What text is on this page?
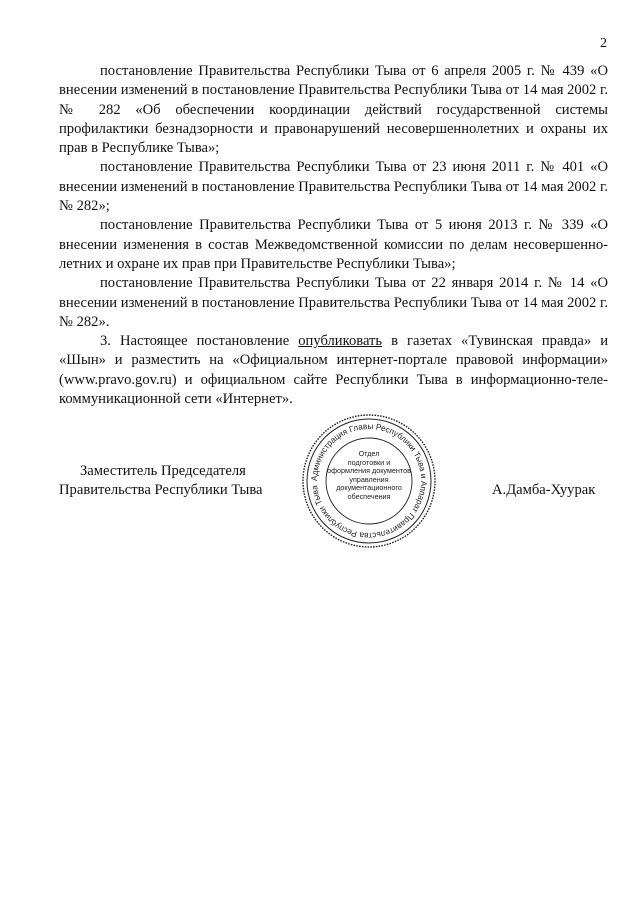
2

постановление Правительства Республики Тыва от 6 апреля 2005 г. № 439 «О внесении изменений в постановление Правительства Республики Тыва от 14 мая 2002 г. № 282 «Об обеспечении координации действий государственной системы профилактики безнадзорности и правонарушений несовершеннолетних и охраны их прав в Республике Тыва»;

постановление Правительства Республики Тыва от 23 июня 2011 г. № 401 «О внесении изменений в постановление Правительства Республики Тыва от 14 мая 2002 г. № 282»;

постановление Правительства Республики Тыва от 5 июня 2013 г. № 339 «О внесении изменения в состав Межведомственной комиссии по делам несовершеннолетних и охране их прав при Правительстве Республики Тыва»;

постановление Правительства Республики Тыва от 22 января 2014 г. № 14 «О внесении изменений в постановление Правительства Республики Тыва от 14 мая 2002 г. № 282».

3. Настоящее постановление опубликовать в газетах «Тувинская правда» и «Шын» и разместить на «Официальном интернет-портале правовой информации» (www.pravo.gov.ru) и официальном сайте Республики Тыва в информационно-телекоммуникационной сети «Интернет».

Заместитель Председателя
Правительства Республики Тыва
Администрация Главы Республики Тыва и Аппарат Правительства Республики Тыва
Отдел
подготовки и
оформления документов
управления
документационного
обеспечения	А.Дамба-Хуурак
